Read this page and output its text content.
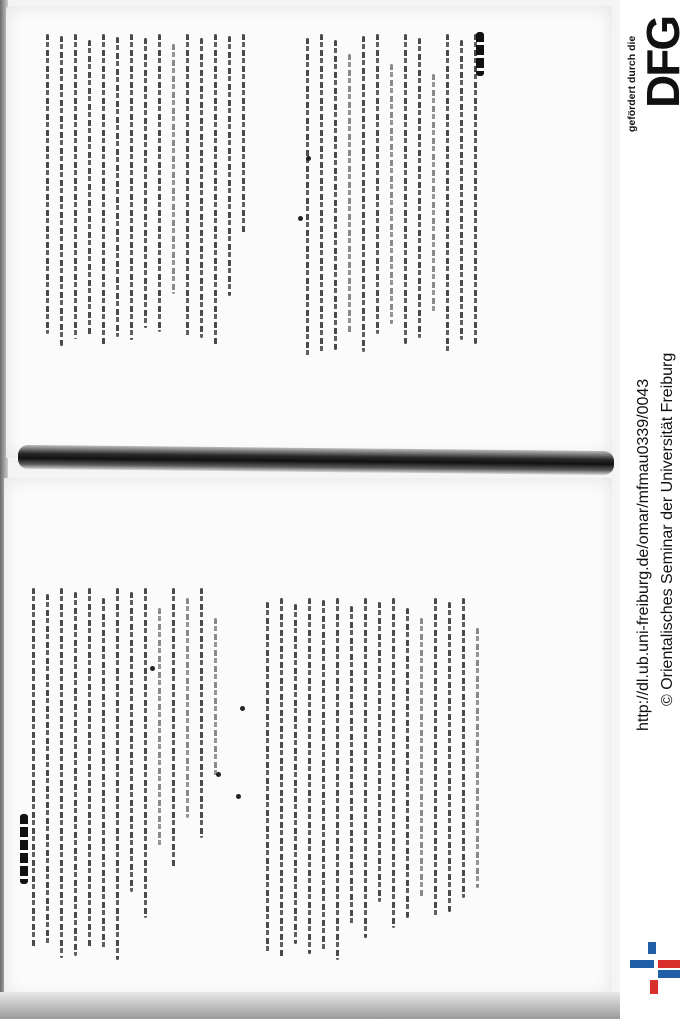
DFG
gefördert durch die
http://dl.ub.uni-freiburg.de/omar/mfmau0339/0043 © Orientalisches Seminar der Universität Freiburg
